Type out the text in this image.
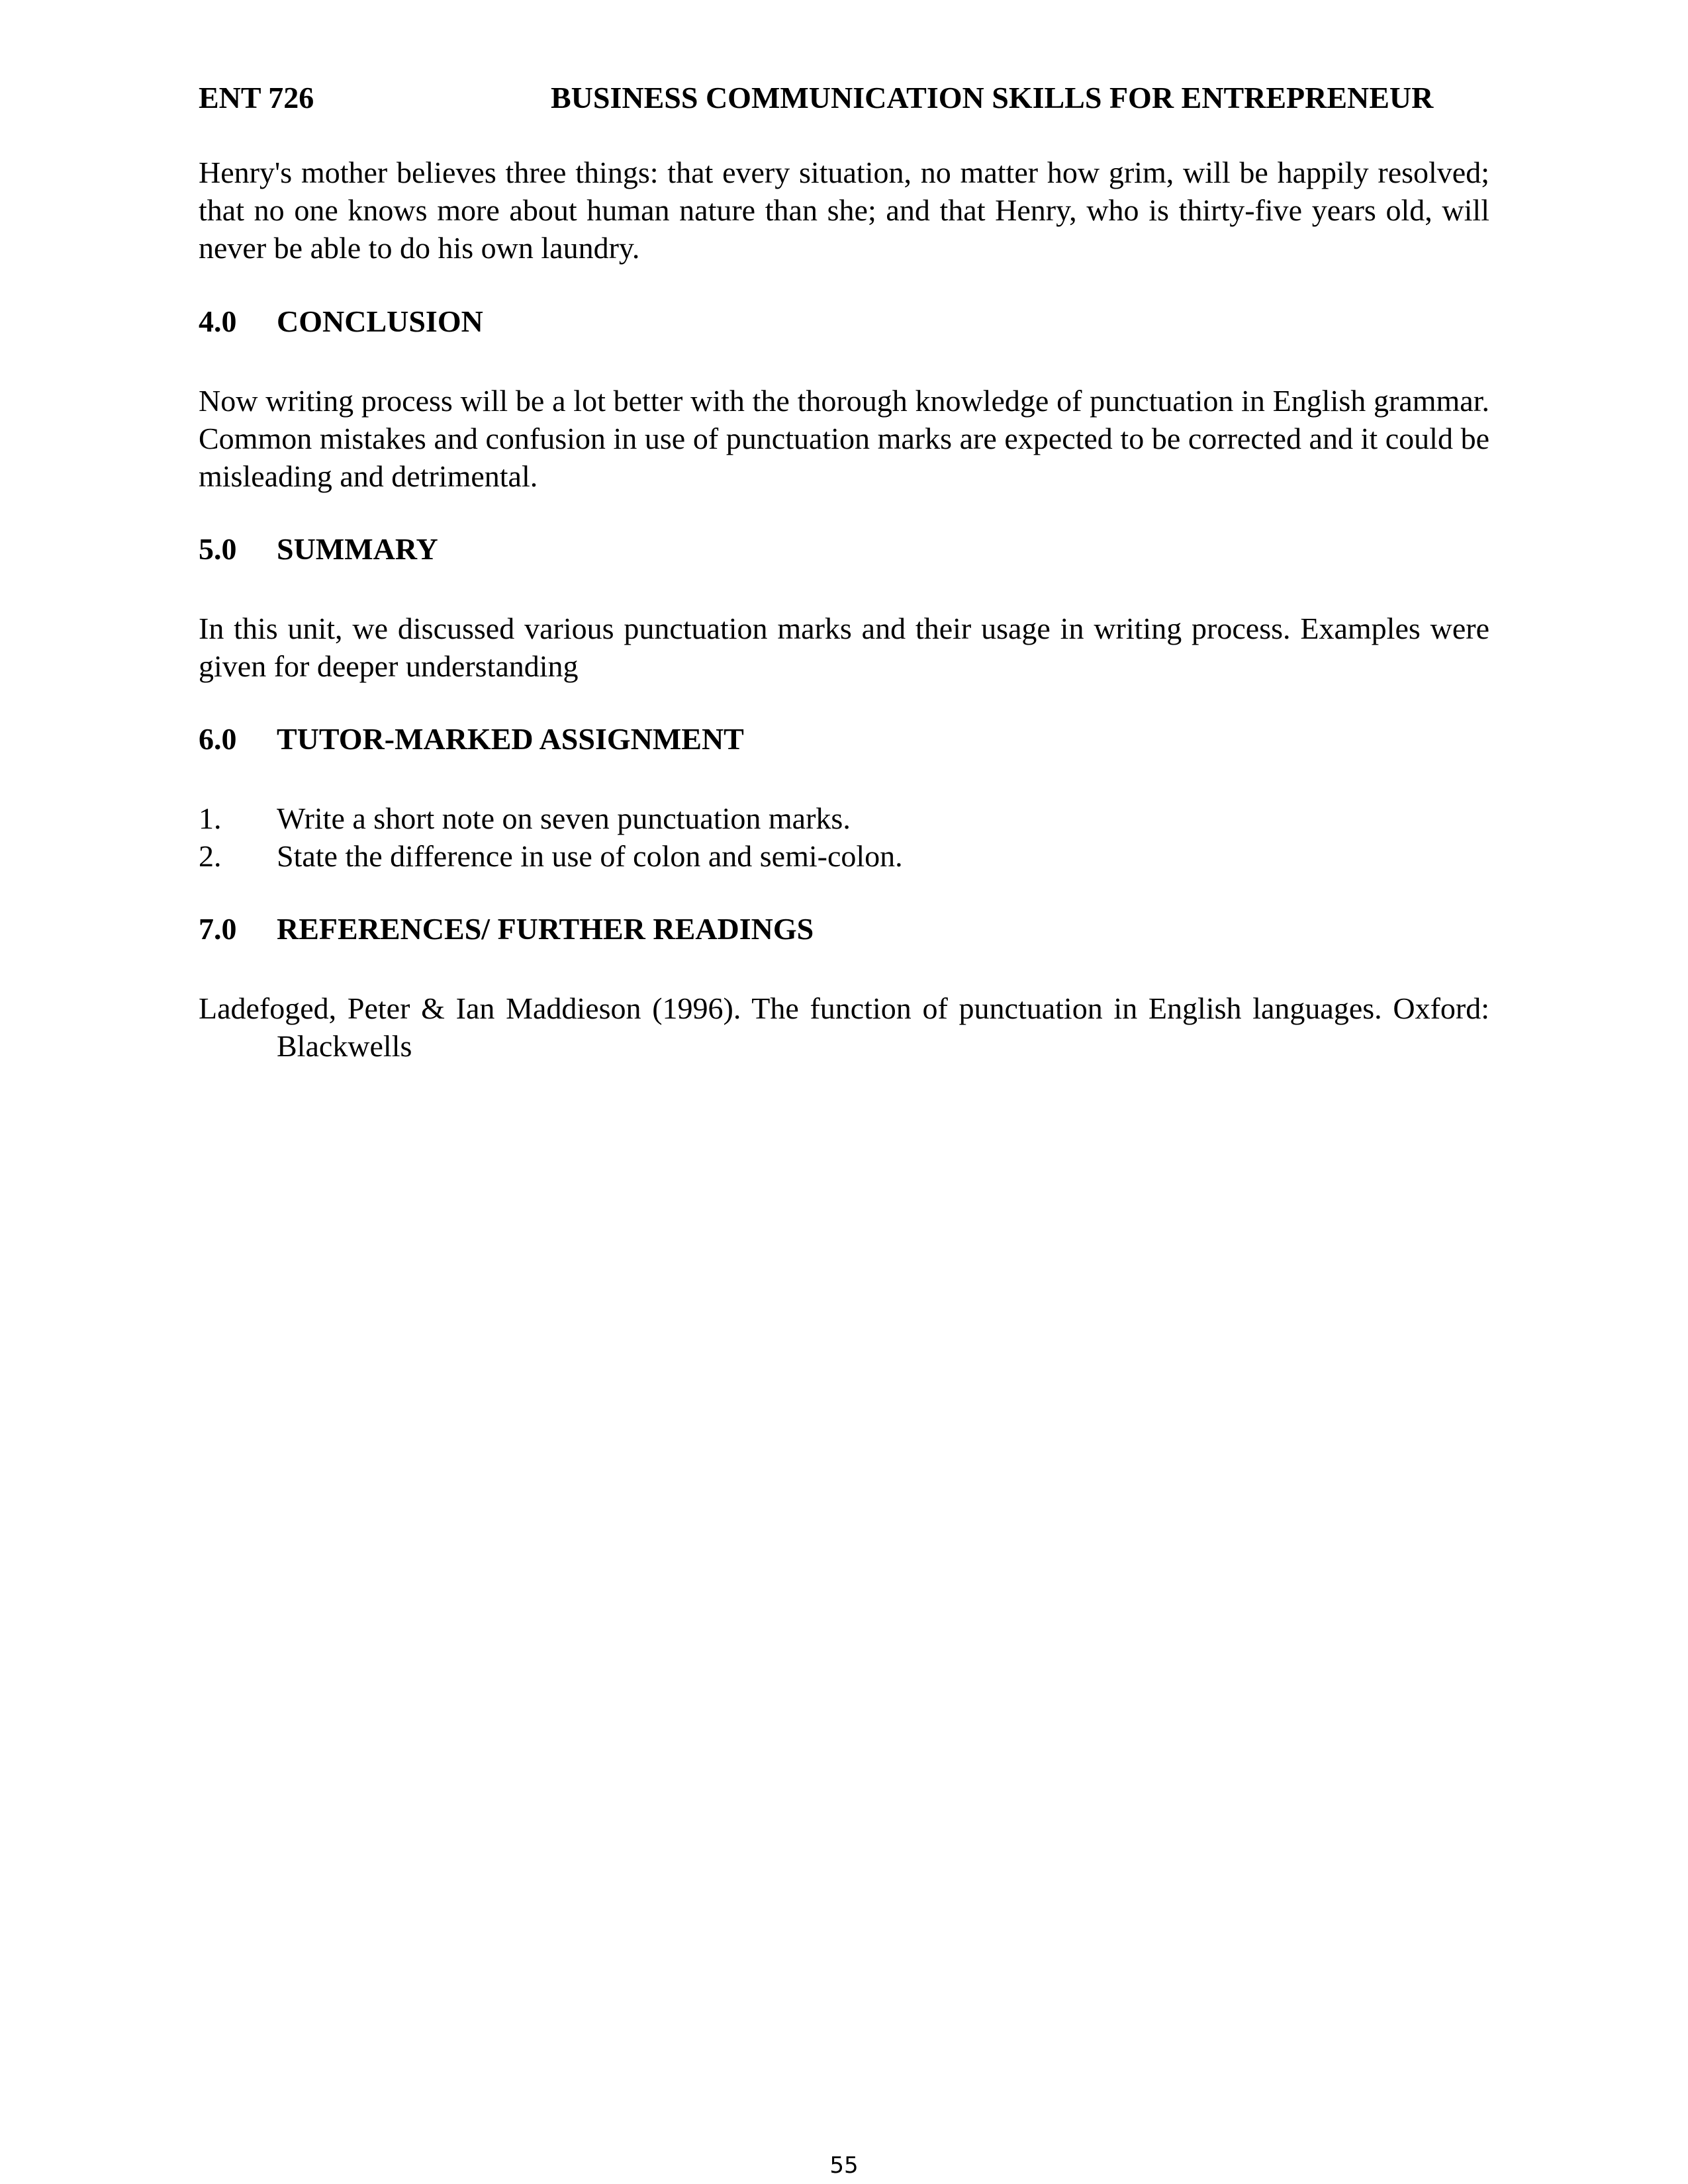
ENT 726	BUSINESS COMMUNICATION SKILLS FOR ENTREPRENEUR

Henry's mother believes three things: that every situation, no matter how grim, will be happily resolved; that no one knows more about human nature than she; and that Henry, who is thirty-five years old, will never be able to do his own laundry.

4.0 CONCLUSION

Now writing process will be a lot better with the thorough knowledge of punctuation in English grammar. Common mistakes and confusion in use of punctuation marks are expected to be corrected and it could be misleading and detrimental.

5.0 SUMMARY

In this unit, we discussed various punctuation marks and their usage in writing process. Examples were given for deeper understanding

6.0 TUTOR-MARKED ASSIGNMENT
1. Write a short note on seven punctuation marks.
2. State the difference in use of colon and semi-colon.
7.0 REFERENCES/ FURTHER READINGS

Ladefoged, Peter & Ian Maddieson (1996). The function of punctuation in English languages. Oxford: Blackwells

55
